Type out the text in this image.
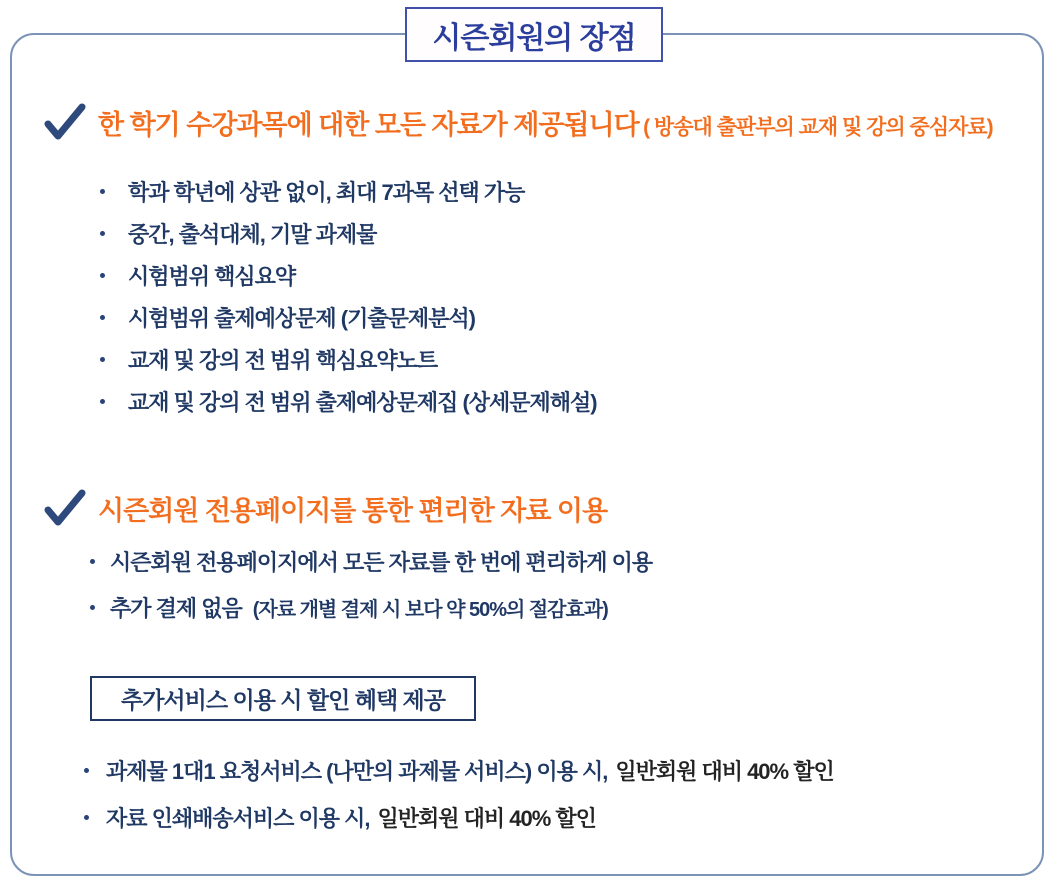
시즌회원의 장점
한 학기 수강과목에 대한 모든 자료가 제공됩니다 ( 방송대 출판부의 교재 및 강의 중심자료)
학과 학년에 상관 없이, 최대 7과목 선택 가능
중간, 출석대체, 기말 과제물
시험범위 핵심요약
시험범위 출제예상문제 (기출문제분석)
교재 및 강의 전 범위 핵심요약노트
교재 및 강의 전 범위 출제예상문제집 (상세문제해설)
시즌회원 전용페이지를 통한 편리한 자료 이용
시즌회원 전용페이지에서 모든 자료를 한 번에 편리하게 이용
추가 결제 없음 (자료 개별 결제 시 보다 약 50%의 절감효과)
추가서비스 이용 시 할인 혜택 제공
과제물 1대1 요청서비스 (나만의 과제물 서비스) 이용 시, 일반회원 대비 40% 할인
자료 인쇄배송서비스 이용 시, 일반회원 대비 40% 할인
